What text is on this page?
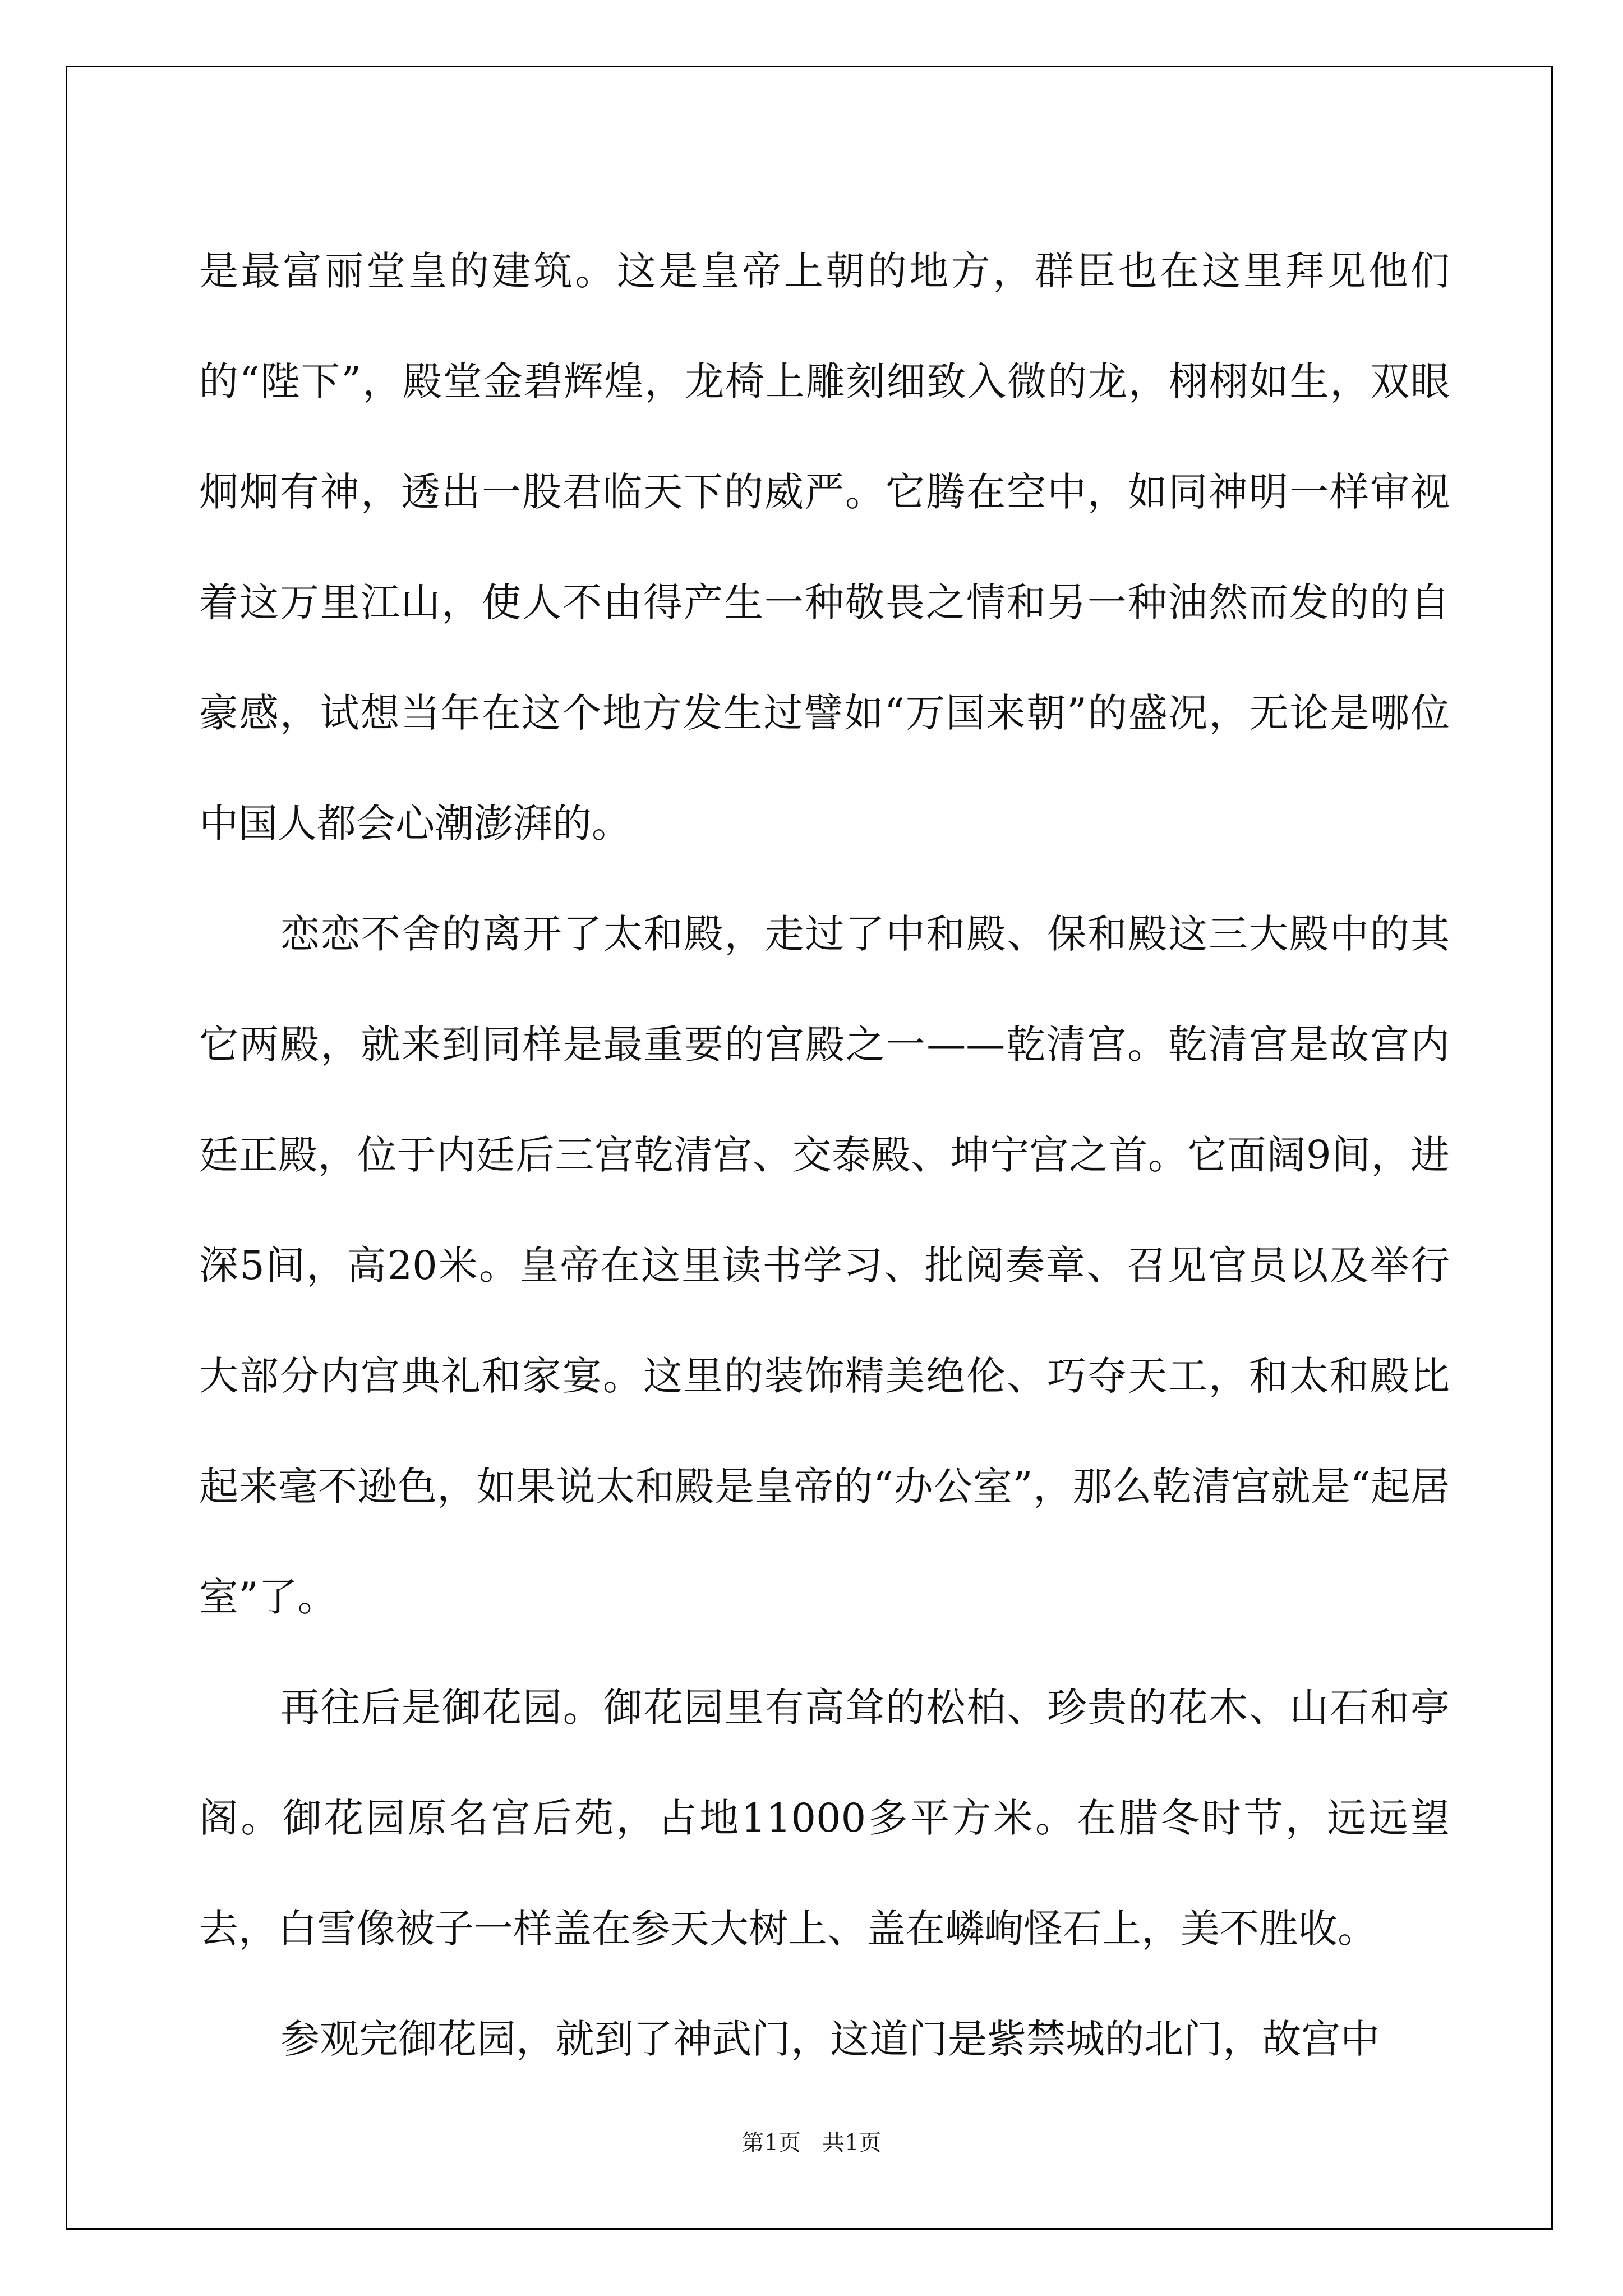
是最富丽堂皇的建筑。这是皇帝上朝的地方，群臣也在这里拜见他们的“陛下”，殿堂金碧辉煌，龙椅上雕刻细致入微的龙，栩栩如生，双眼炯炯有神，透出一股君临天下的威严。它腾在空中，如同神明一样审视着这万里江山，使人不由得产生一种敬畏之情和另一种油然而发的的自豪感，试想当年在这个地方发生过譬如“万国来朝”的盛况，无论是哪位中国人都会心潮澎湃的。

恋恋不舍的离开了太和殿，走过了中和殿、保和殿这三大殿中的其它两殿，就来到同样是最重要的宫殿之一——乾清宫。乾清宫是故宫内廷正殿，位于内廷后三宫乾清宫、交泰殿、坤宁宫之首。它面阔9间，进深5间，高20米。皇帝在这里读书学习、批阅奏章、召见官员以及举行大部分内宫典礼和家宴。这里的装饰精美绝伦、巧夺天工，和太和殿比起来毫不逊色，如果说太和殿是皇帝的“办公室”，那么乾清宫就是“起居室”了。

再往后是御花园。御花园里有高耸的松柏、珍贵的花木、山石和亭阁。御花园原名宫后苑，占地11000多平方米。在腊冬时节，远远望去，白雪像被子一样盖在参天大树上、盖在嶙峋怪石上，美不胜收。

参观完御花园，就到了神武门，这道门是紫禁城的北门，故宫中

第1页   共1页
